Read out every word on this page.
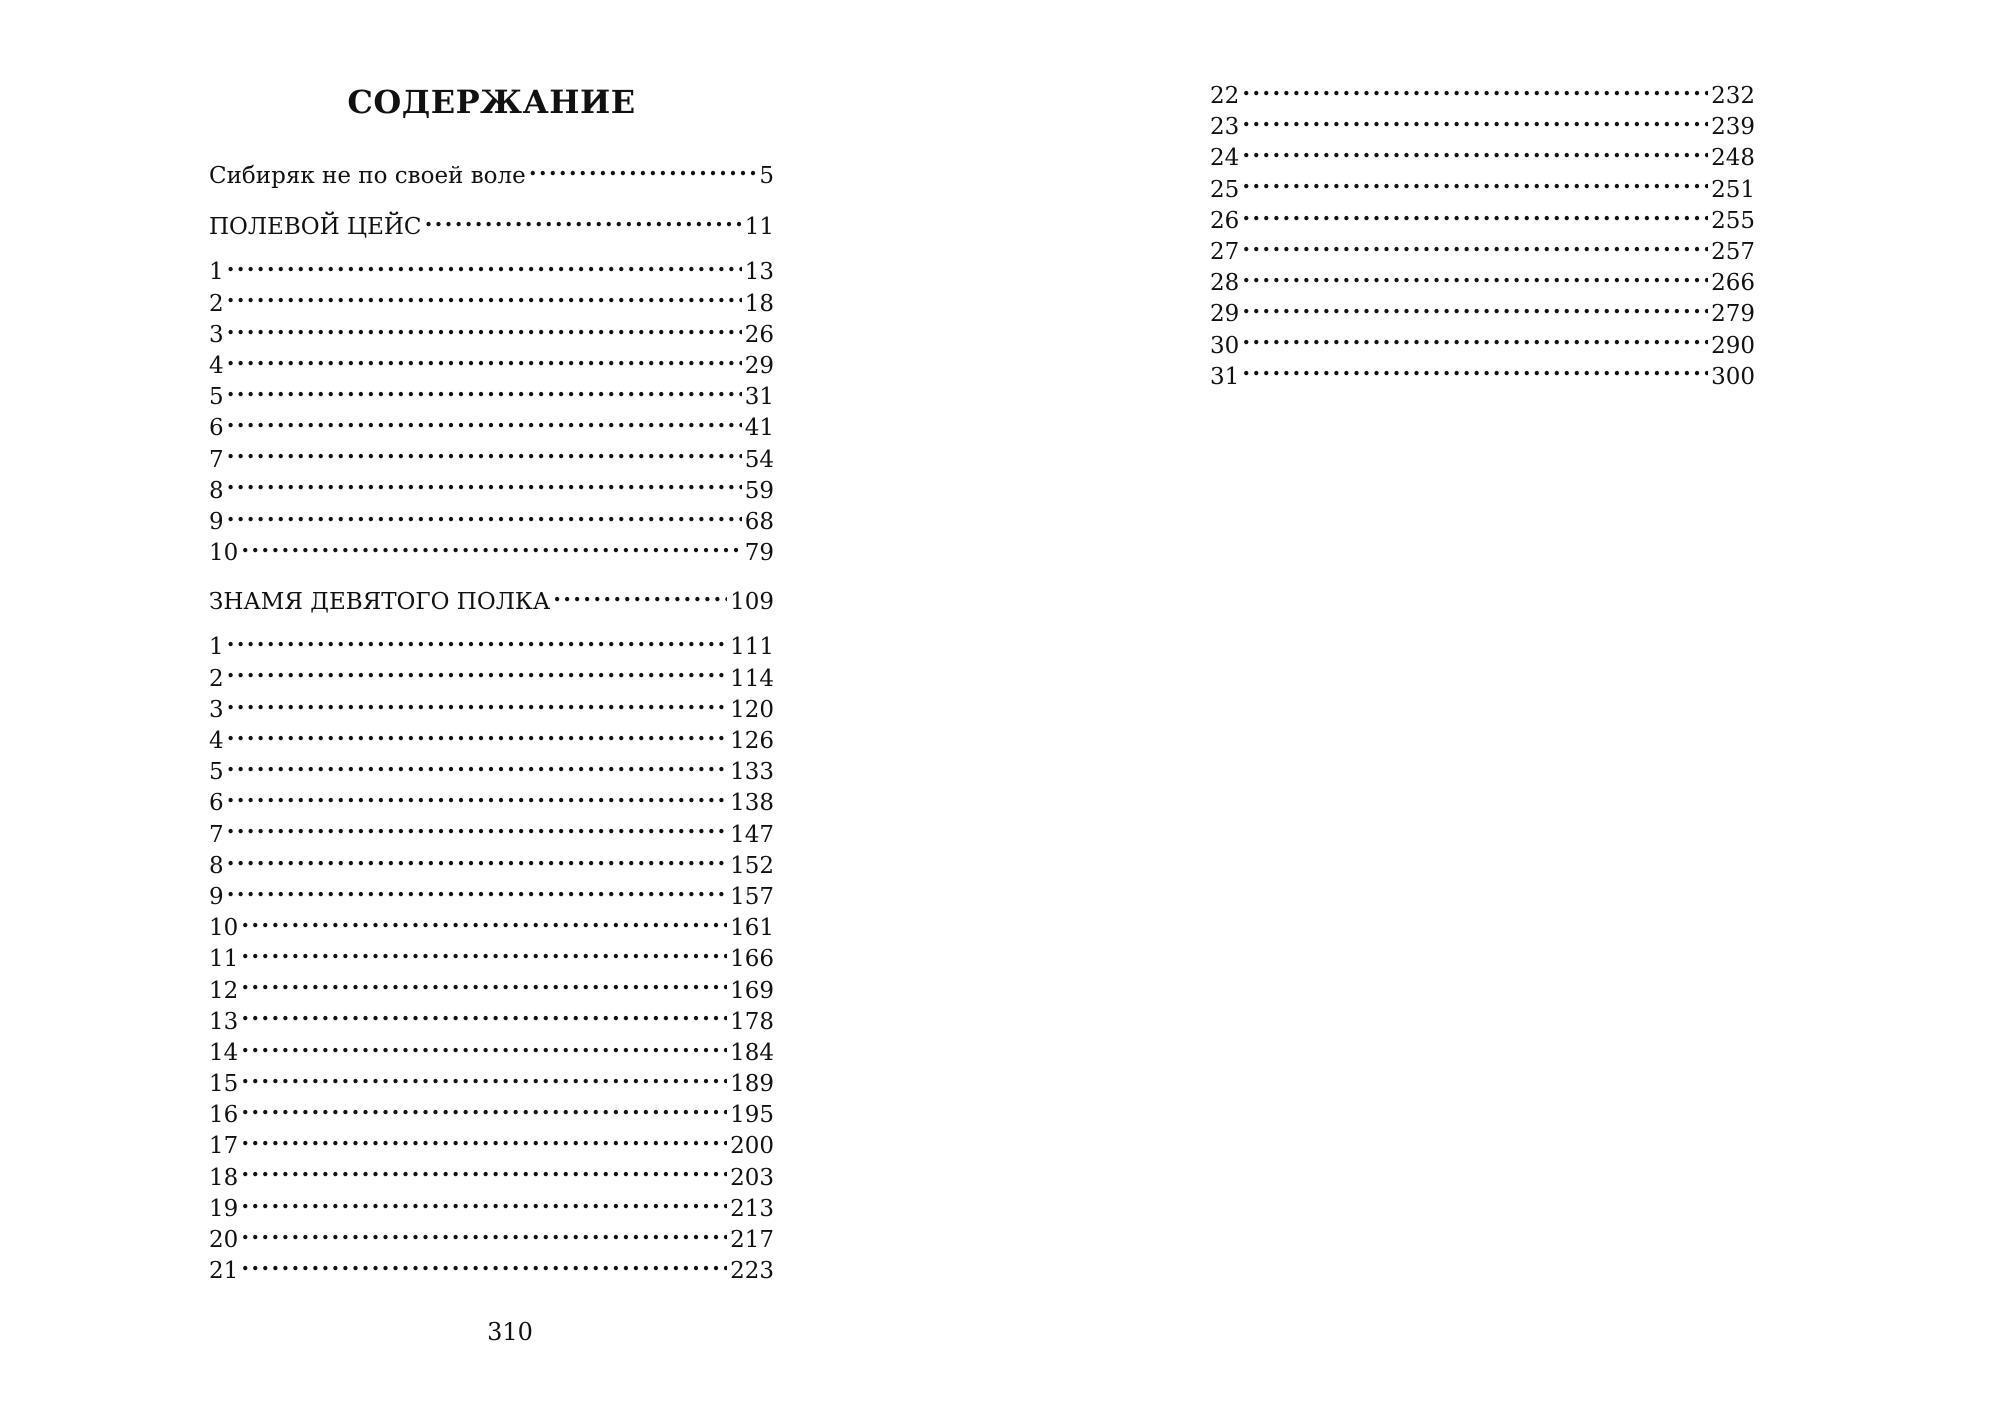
СОДЕРЖАНИЕ
Сибиряк не по своей воле . . .	5
ПОЛЕВОЙ ЦЕЙС . . .	11
1 . . .	13
2 . . .	18
3 . . .	26
4 . . .	29
5 . . .	31
6 . . .	41
7 . . .	54
8 . . .	59
9 . . .	68
10 . . .	79
ЗНАМЯ ДЕВЯТОГО ПОЛКА . . .	109
1 . . .	111
2 . . .	114
3 . . .	120
4 . . .	126
5 . . .	133
6 . . .	138
7 . . .	147
8 . . .	152
9 . . .	157
10 . . .	161
11 . . .	166
12 . . .	169
13 . . .	178
14 . . .	184
15 . . .	189
16 . . .	195
17 . . .	200
18 . . .	203
19 . . .	213
20 . . .	217
21 . . .	223
310
22 . . .	232
23 . . .	239
24 . . .	248
25 . . .	251
26 . . .	255
27 . . .	257
28 . . .	266
29 . . .	279
30 . . .	290
31 . . .	300
